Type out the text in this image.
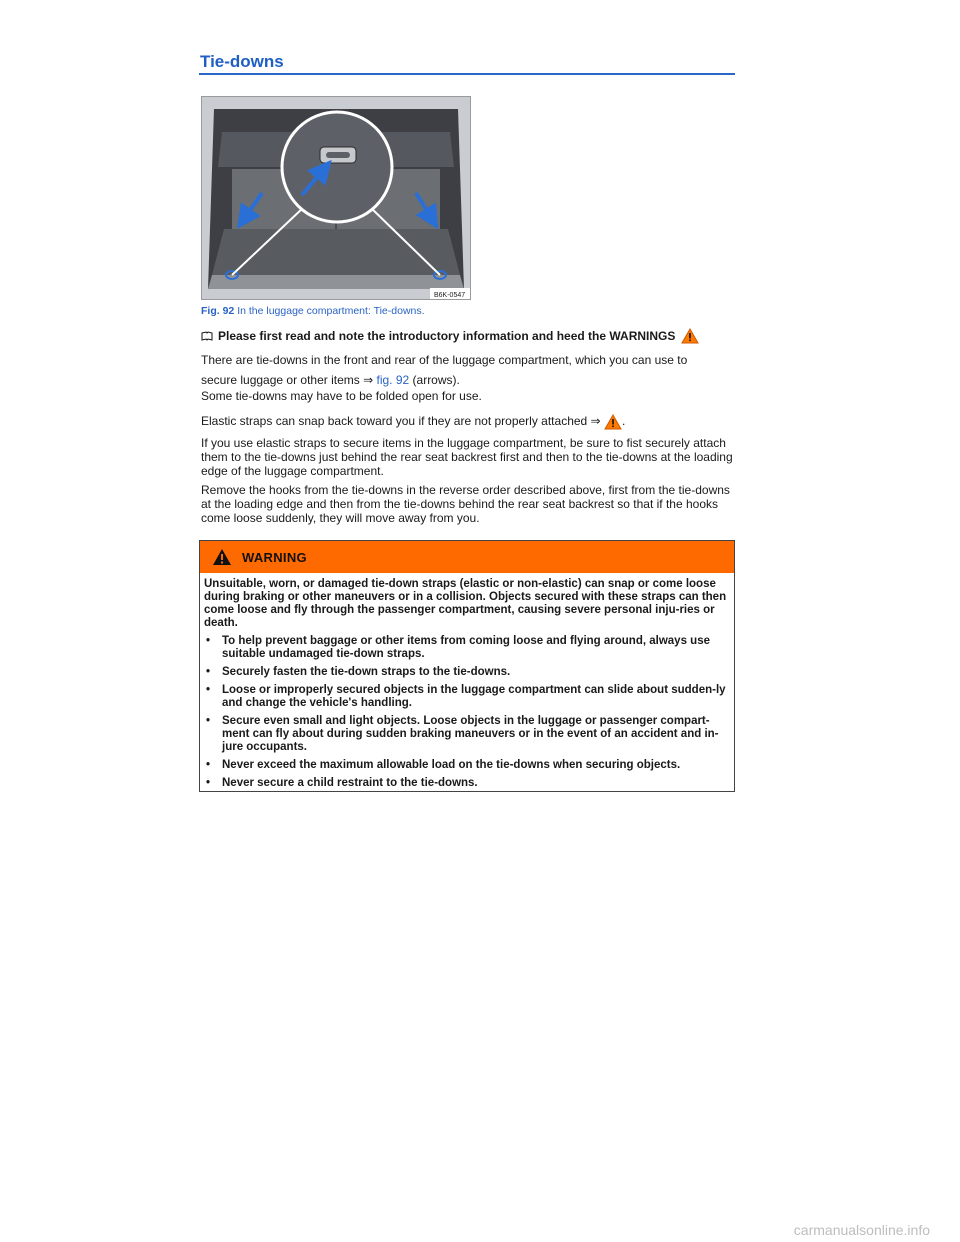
Tie-downs
B6K-0547
Fig. 92 In the luggage compartment: Tie-downs.
Please first read and note the introductory information and heed the WARNINGS
There are tie-downs in the front and rear of the luggage compartment, which you can use to secure luggage or other items ⇒ fig. 92 (arrows).
Some tie-downs may have to be folded open for use.
Elastic straps can snap back toward you if they are not properly attached ⇒ .
If you use elastic straps to secure items in the luggage compartment, be sure to fist securely attach them to the tie-downs just behind the rear seat backrest first and then to the tie-downs at the loading edge of the luggage compartment.
Remove the hooks from the tie-downs in the reverse order described above, first from the tie-downs at the loading edge and then from the tie-downs behind the rear seat backrest so that if the hooks come loose suddenly, they will move away from you.
WARNING

Unsuitable, worn, or damaged tie-down straps (elastic or non-elastic) can snap or come loose during braking or other maneuvers or in a collision. Objects secured with these straps can then come loose and fly through the passenger compartment, causing severe personal inju-ries or death.

• To help prevent baggage or other items from coming loose and flying around, always use suitable undamaged tie-down straps.
• Securely fasten the tie-down straps to the tie-downs.
• Loose or improperly secured objects in the luggage compartment can slide about sudden-ly and change the vehicle's handling.
• Secure even small and light objects. Loose objects in the luggage or passenger compart-ment can fly about during sudden braking maneuvers or in the event of an accident and in-jure occupants.
• Never exceed the maximum allowable load on the tie-downs when securing objects.
• Never secure a child restraint to the tie-downs.
carmanualsonline.info
